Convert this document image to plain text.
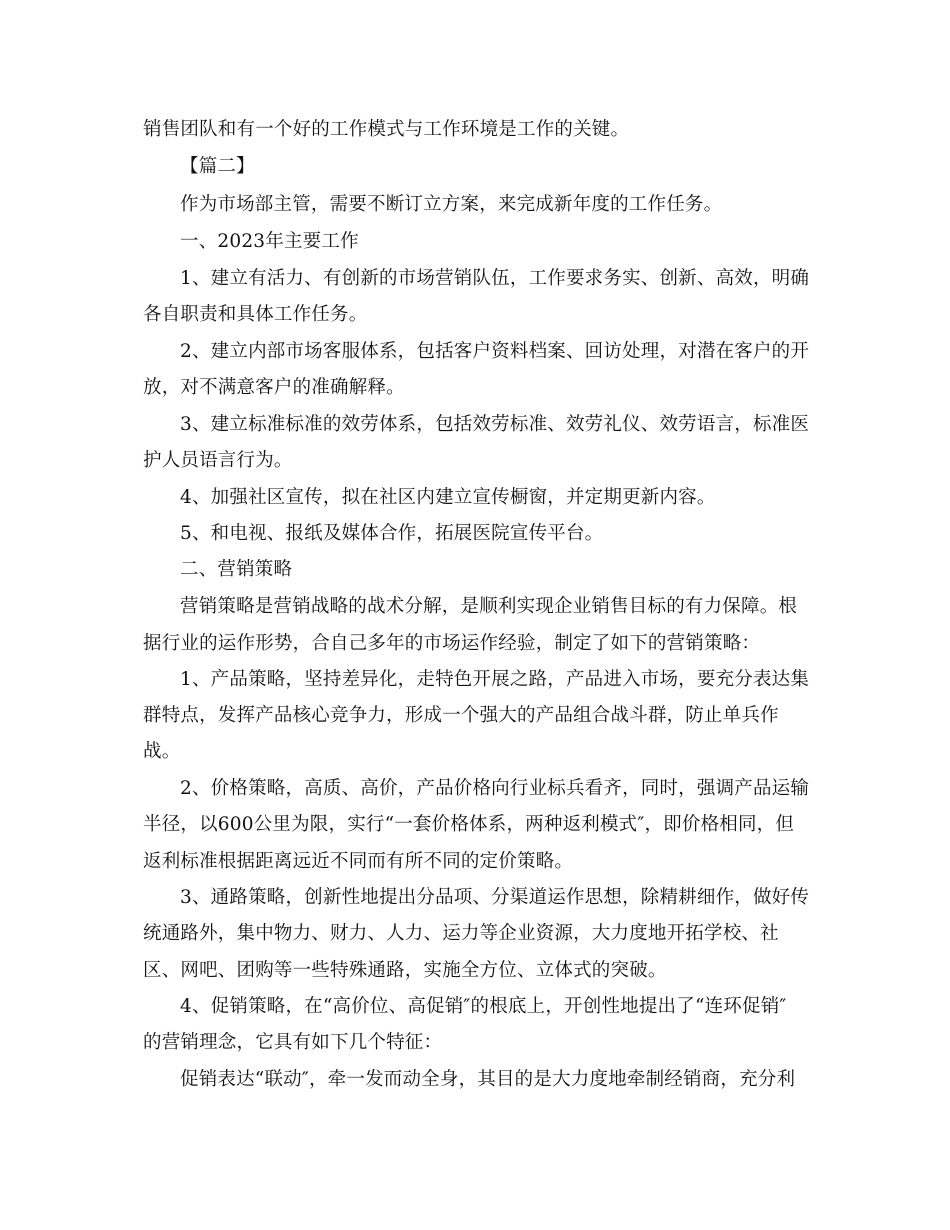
销售团队和有一个好的工作模式与工作环境是工作的关键。
【篇二】
作为市场部主管，需要不断订立方案，来完成新年度的工作任务。
一、2023年主要工作
1、建立有活力、有创新的市场营销队伍，工作要求务实、创新、高效，明确
各自职责和具体工作任务。
2、建立内部市场客服体系，包括客户资料档案、回访处理，对潜在客户的开
放，对不满意客户的准确解释。
3、建立标准标准的效劳体系，包括效劳标准、效劳礼仪、效劳语言，标准医
护人员语言行为。
4、加强社区宣传，拟在社区内建立宣传橱窗，并定期更新内容。
5、和电视、报纸及媒体合作，拓展医院宣传平台。
二、营销策略
营销策略是营销战略的战术分解，是顺利实现企业销售目标的有力保障。根
据行业的运作形势，合自己多年的市场运作经验，制定了如下的营销策略：
1、产品策略，坚持差异化，走特色开展之路，产品进入市场，要充分表达集
群特点，发挥产品核心竞争力，形成一个强大的产品组合战斗群，防止单兵作
战。
2、价格策略，高质、高价，产品价格向行业标兵看齐，同时，强调产品运输
半径，以600公里为限，实行“一套价格体系，两种返利模式″，即价格相同，但
返利标准根据距离远近不同而有所不同的定价策略。
3、通路策略，创新性地提出分品项、分渠道运作思想，除精耕细作，做好传
统通路外，集中物力、财力、人力、运力等企业资源，大力度地开拓学校、社
区、网吧、团购等一些特殊通路，实施全方位、立体式的突破。
4、促销策略，在“高价位、高促销″的根底上，开创性地提出了“连环促销″
的营销理念，它具有如下几个特征：
促销表达“联动″，牵一发而动全身，其目的是大力度地牵制经销商，充分利
